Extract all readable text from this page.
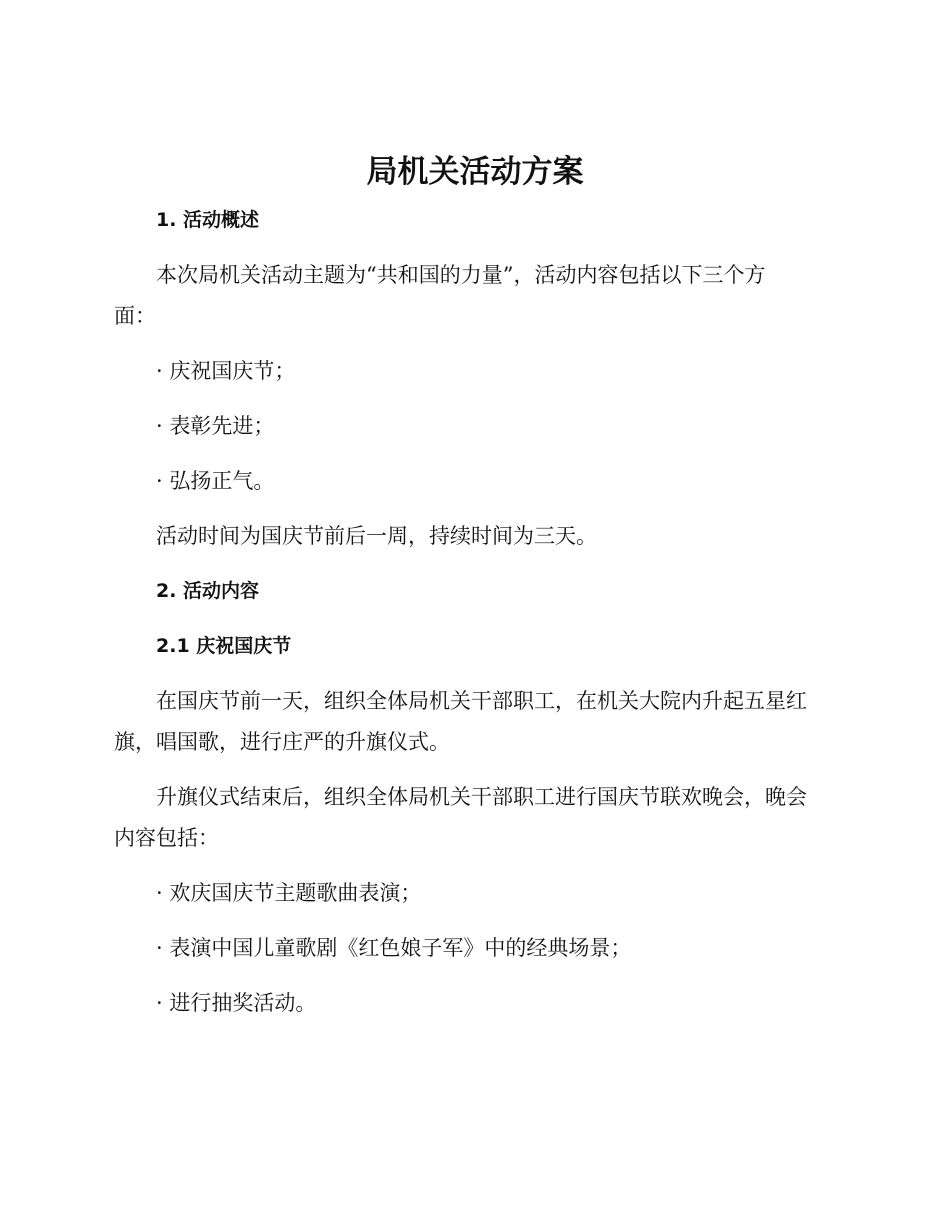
局机关活动方案

1. 活动概述

本次局机关活动主题为“共和国的力量”，活动内容包括以下三个方

面：

· 庆祝国庆节；

· 表彰先进；

· 弘扬正气。

活动时间为国庆节前后一周，持续时间为三天。

2. 活动内容

2.1 庆祝国庆节

在国庆节前一天，组织全体局机关干部职工，在机关大院内升起五星红

旗，唱国歌，进行庄严的升旗仪式。

升旗仪式结束后，组织全体局机关干部职工进行国庆节联欢晚会，晚会

内容包括：

· 欢庆国庆节主题歌曲表演；

· 表演中国儿童歌剧《红色娘子军》中的经典场景；

· 进行抽奖活动。
